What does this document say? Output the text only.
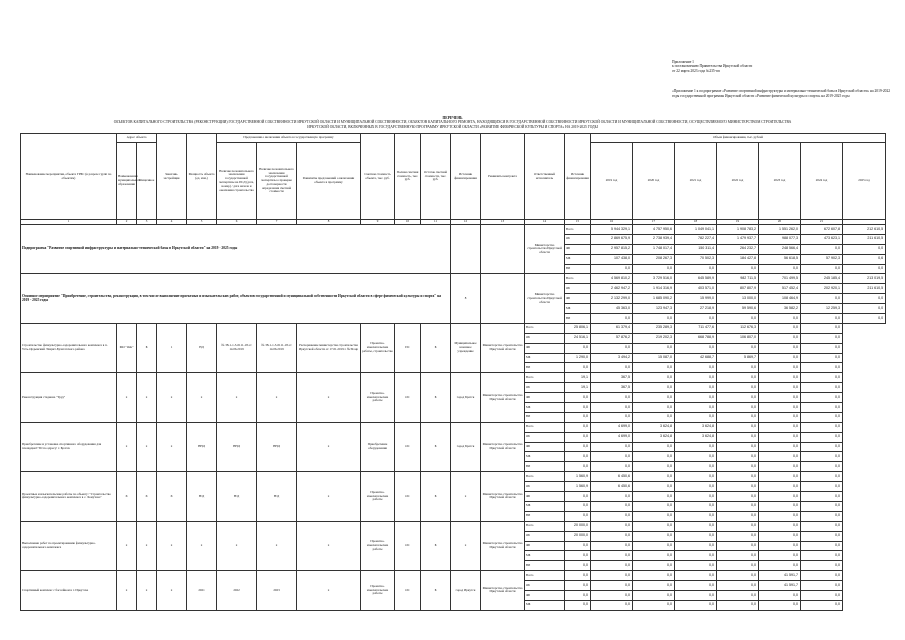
Приложение 1
к постановлению Правительства Иркутской области
от 22 марта 2023 года №235-пп
«Приложение 1 к подпрограмме «Развитие спортивной инфраструктуры и материально-технической базы в Иркутской области» на 2019-2022 годы государственной программы Иркутской области «Развитие физической культуры и спорта» на 2019-2025 годы
ПЕРЕЧЕНЬ
ОБЪЕКТОВ КАПИТАЛЬНОГО СТРОИТЕЛЬСТВА (РЕКОНСТРУКЦИИ) ГОСУДАРСТВЕННОЙ СОБСТВЕННОСТИ ИРКУТСКОЙ ОБЛАСТИ И МУНИЦИПАЛЬНОЙ СОБСТВЕННОСТИ, ОБЪЕКТОВ КАПИТАЛЬНОГО РЕМОНТА, НАХОДЯЩИХСЯ В ГОСУДАРСТВЕННОЙ СОБСТВЕННОСТИ ИРКУТСКОЙ ОБЛАСТИ И МУНИЦИПАЛЬНОЙ СОБСТВЕННОСТИ, ОСУЩЕСТВЛЯЕМОГО МИНИСТЕРСТВОМ СТРОИТЕЛЬСТВА
ИРКУТСКОЙ ОБЛАСТИ, ВКЛЮЧЕННЫХ В ГОСУДАРСТВЕННУЮ ПРОГРАММУ ИРКУТСКОЙ ОБЛАСТИ «РАЗВИТИЕ ФИЗИЧЕСКОЙ КУЛЬТУРЫ И СПОРТА» НА 2019-2025 ГОДЫ
Наименование мероприятия, объекта ГРБС (в разрезе групп по объектам)	Адрес объекта		Заказчик-застройщик	Мощность объекта (ед. изм.)	Предложения о включении объекта в государственную программу			Сметная стоимость объекта, тыс. руб.	Полная сметная стоимость, тыс. руб.	Остаток сметной стоимости, тыс. руб.	Источник финансирования	Реквизиты контракта	Ответственный исполнитель	Источник финансирования	Объем финансирования, тыс. рублей						
	Наименование муниципального образования	Улица/иное			Наличие положительного заключения государственной экспертизы на ПСД (дата, номер) / дата начала и окончания строительства	Наличие положительного заключения государственной экспертизы о проверке достоверности определения сметной стоимости	Реквизиты предложений о включении объекта в программу								2019 год	2020 год	2021 год	2022 год	2023 год	2024 год	2025 год
1	2	3	4	5	6	7	8	9	10	11	12	13	14	15	16	17	18	19	20	21	
Подпрограмма "Развитие спортивной инфраструктуры и материально-технической базы в Иркутской области" на 2019 - 2025 годы													Министерство строительства Иркутской области	Всего	5 944 329,1	4 757 950,6	1 049 041,1	1 908 783,2	1 551 262,0	672 607,8	212 610,5
														ОБ	2 869 675,9	2 738 939,4	782 227,4	1 479 937,7	988 077,3	473 623,1	211 610,5
														ФБ	2 957 815,2	1 748 017,4	150 311,4	264 232,7	248 566,4	0,0	0,0
														МБ	107 438,0	208 267,3	70 502,3	184 427,8	56 618,5	57 902,3	0,6
														ВИ	0,0	0,0	0,0	0,0	0,0	0,0	0,0
Основное мероприятие "Приобретение, строительство, реконструкция, в том числе выполнение проектных и изыскательских работ, объектов государственной и муниципальной собственности Иркутской области в сфере физической культуры и спорта" на 2019 - 2025 годы											8		Министерство строительства Иркутской области	Всего	4 569 810,2	3 729 516,0	645 589,9	982 711,5	701 499,5	245 185,4	213 019,5
														ОБ	2 462 947,2	1 914 316,9	403 571,0	807 807,9	517 452,4	202 920,1	211 610,5
														ФБ	2 132 299,0	1 685 090,2	15 999,0	13 000,0	108 464,9	0,0	0,0
														МБ	45 363,0	123 947,3	27 218,9	59 590,6	36 582,2	12 259,3	0,0
														ВИ	0,0	0,0	0,0	0,0	0,0	0,0	0,0
Строительство физкультурно-оздоровительного комплекса в п. Усть-Ордынский Эхирит-Булагатского района	МО "Оёк"	Б	1	НД	№ 38-1-1-3-0111-18 от 14.06.2019	№ 38-1-1-3-0111-18 от 14.06.2019	Распоряжение министерства строительства Иркутской области от 17.01.2019 г. №39-мр	Проектно-изыскательские работы, строительство	ПС	Б	Муниципальное казенное учреждение	Министерство строительства Иркутской области	Всего	25 806,1	61 379,4	235 289,3	711 477,6	112 676,3	0,0	0,0	
													ОБ	24 516,1	57 876,2	219 202,3	668 788,9	106 807,0	0,0	0,0	
													ФБ	0,0	0,0	0,0	0,0	0,0	0,0	0,0	
													МБ	1 290,0	3 494,2	15 087,0	42 688,7	5 869,7	0,0	0,0	
													ВИ	0,0	0,0	0,0	0,0	0,0	0,0	0,0	
Реконструкция стадиона "Труд"	х	х	х	х	х	х	х	Проектно-изыскательские работы	ОС	Б	город Братск	Министерство строительства Иркутской области	Всего	19,1	367,5	0,0	0,0	0,0	0,0	0,0	
													ОБ	19,1	367,5	0,0	0,0	0,0	0,0	0,0	
													ФБ	0,0	0,0	0,0	0,0	0,0	0,0	0,0	
													МБ	0,0	0,0	0,0	0,0	0,0	0,0	0,0	
													ВИ	0,0	0,0	0,0	0,0	0,0	0,0	0,0	
Приобретение и установка спортивного оборудования для площадки ГТО по адресу: г. Братск	х	х	х	ННД	ННД	ННД	х	Приобретение оборудования	ОС	Б	город Братск	Министерство строительства Иркутской области	Всего	0,0	4 699,0	3 624,8	3 624,8	0,0	0,0	0,0	
													ОБ	0,0	4 699,0	3 624,8	3 624,8	0,0	0,0	0,0	
													ФБ	0,0	0,0	0,0	0,0	0,0	0,0	0,0	
													МБ	0,0	0,0	0,0	0,0	0,0	0,0	0,0	
													ВИ	0,0	0,0	0,0	0,0	0,0	0,0	0,0	
Проектные и изыскательские работы по объекту: "Строительство физкультурно-оздоровительного комплекса в с. Хомутово"	Х	Х	Х	Н/Д	Н/Д	Н/Д	х	Проектно-изыскательские работы	ОС	Б	х	Министерство строительства Иркутской области	Всего	1 560,9	6 450,6	0,0	0,0	0,0	0,0	0,0	
													ОБ	1 560,9	6 450,6	0,0	0,0	0,0	0,0	0,0	
													ФБ	0,0	0,0	0,0	0,0	0,0	0,0	0,0	
													МБ	0,0	0,0	0,0	0,0	0,0	0,0	0,0	
													ВИ	0,0	0,0	0,0	0,0	0,0	0,0	0,0	
Выполнение работ по проектированию физкультурно-оздоровительного комплекса	х	х	х	х	х	х	х	Проектно-изыскательские работы	ОС	Б	х	Министерство строительства Иркутской области	Всего	20 000,0	0,0	0,0	0,0	0,0	0,0	0,0	
													ОБ	20 000,0	0,0	0,0	0,0	0,0	0,0	0,0	
													ФБ	0,0	0,0	0,0	0,0	0,0	0,0	0,0	
													МБ	0,0	0,0	0,0	0,0	0,0	0,0	0,0	
													ВИ	0,0	0,0	0,0	0,0	0,0	0,0	0,0	
Спортивный комплекс с бассейном в г. Иркутске	х	х	х	2021	2022	2023	х	Проектно-изыскательские работы	ОС	Б	город Иркутск	Министерство строительства Иркутской области	Всего	0,0	0,0	0,0	0,0	0,0	41 591,7	0,0	
													ОБ	0,0	0,0	0,0	0,0	0,0	41 591,7	0,0	
													ФБ	0,0	0,0	0,0	0,0	0,0	0,0	0,0	
													МБ	0,0	0,0	0,0	0,0	0,0	0,0	0,0	
